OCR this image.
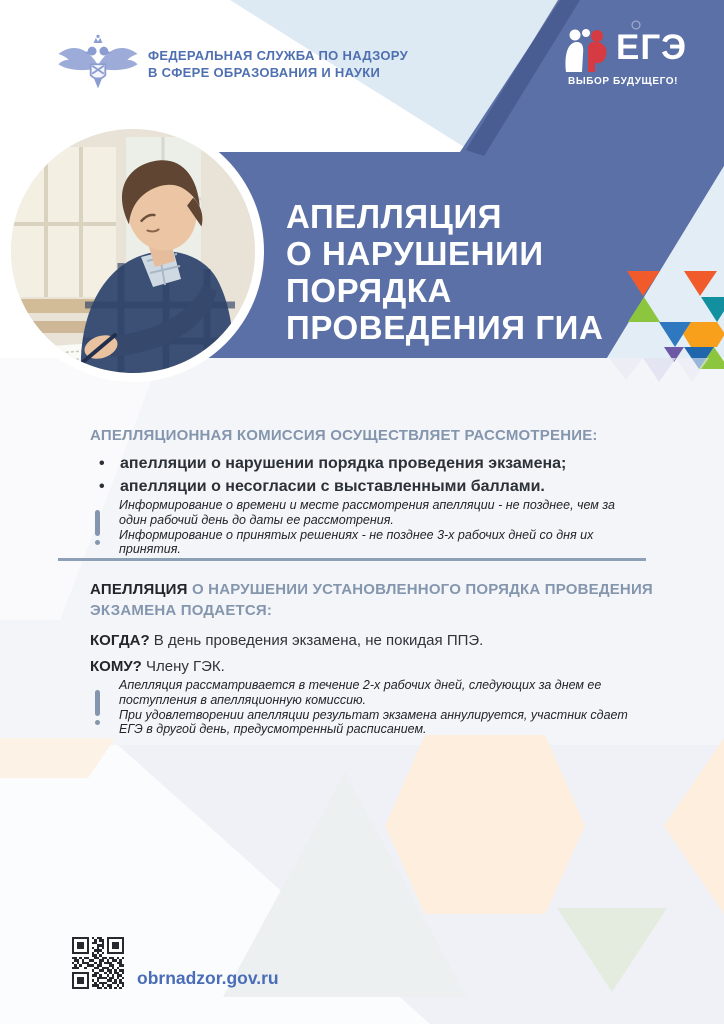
ФЕДЕРАЛЬНАЯ СЛУЖБА ПО НАДЗОРУ
В СФЕРЕ ОБРАЗОВАНИЯ И НАУКИ
ЕГЭ
ВЫБОР БУДУЩЕГО!
АПЕЛЛЯЦИЯ
О НАРУШЕНИИ
ПОРЯДКА
ПРОВЕДЕНИЯ ГИА
АПЕЛЛЯЦИОННАЯ КОМИССИЯ ОСУЩЕСТВЛЯЕТ РАССМОТРЕНИЕ:
• апелляции о нарушении порядка проведения экзамена;
• апелляции о несогласии с выставленными баллами.

Информирование о времени и месте рассмотрения апелляции - не позднее, чем за один рабочий день до даты ее рассмотрения.

Информирование о принятых решениях - не позднее 3-х рабочих дней со дня их принятия.

АПЕЛЛЯЦИЯ О НАРУШЕНИИ УСТАНОВЛЕННОГО ПОРЯДКА ПРОВЕДЕНИЯ ЭКЗАМЕНА ПОДАЕТСЯ:
КОГДА? В день проведения экзамена, не покидая ППЭ.
КОМУ? Члену ГЭК.

Апелляция рассматривается в течение 2-х рабочих дней, следующих за днем ее поступления в апелляционную комиссию.

При удовлетворении апелляции результат экзамена аннулируется, участник сдает ЕГЭ в другой день, предусмотренный расписанием.

obrnadzor.gov.ru
